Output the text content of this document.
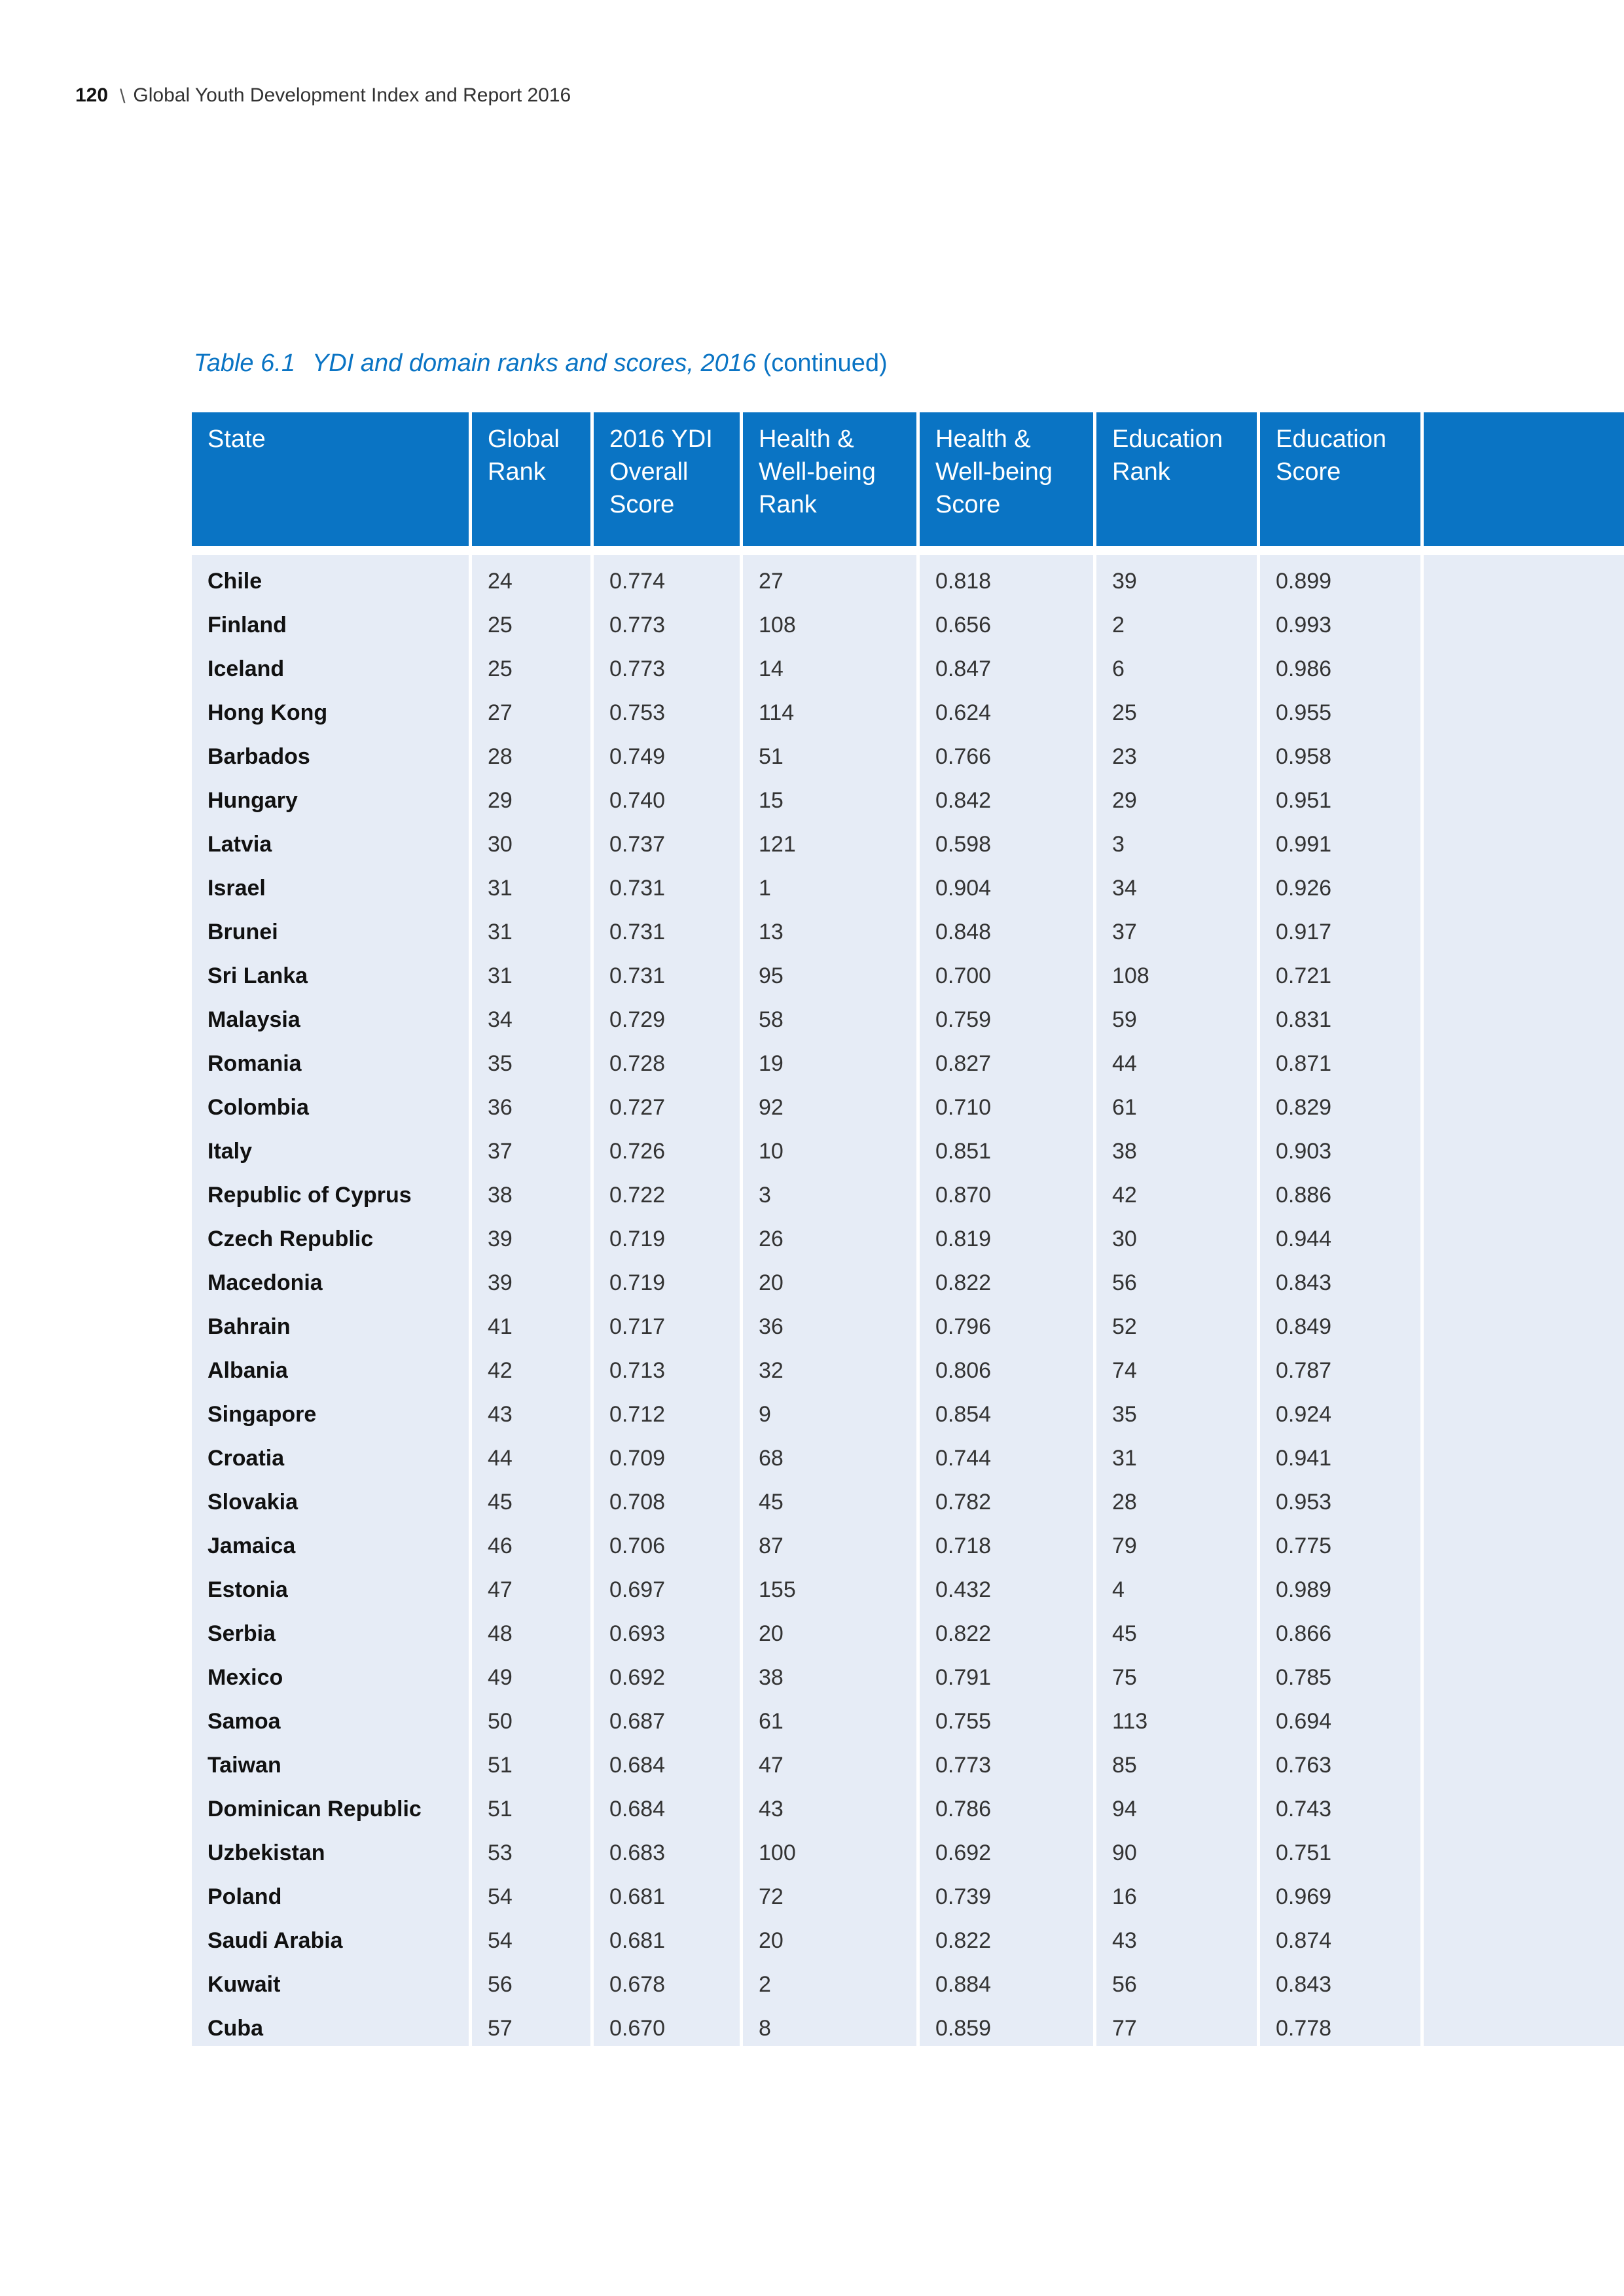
120 \ Global Youth Development Index and Report 2016
Table 6.1 YDI and domain ranks and scores, 2016 (continued)
State	Global Rank	2016 YDI Overall Score	Health & Well-being Rank	Health & Well-being Score	Education Rank	Education Score	

Chile	24	0.774	27	0.818	39	0.899	
Finland	25	0.773	108	0.656	2	0.993	
Iceland	25	0.773	14	0.847	6	0.986	
Hong Kong	27	0.753	114	0.624	25	0.955	
Barbados	28	0.749	51	0.766	23	0.958	
Hungary	29	0.740	15	0.842	29	0.951	
Latvia	30	0.737	121	0.598	3	0.991	
Israel	31	0.731	1	0.904	34	0.926	
Brunei	31	0.731	13	0.848	37	0.917	
Sri Lanka	31	0.731	95	0.700	108	0.721	
Malaysia	34	0.729	58	0.759	59	0.831	
Romania	35	0.728	19	0.827	44	0.871	
Colombia	36	0.727	92	0.710	61	0.829	
Italy	37	0.726	10	0.851	38	0.903	
Republic of Cyprus	38	0.722	3	0.870	42	0.886	
Czech Republic	39	0.719	26	0.819	30	0.944	
Macedonia	39	0.719	20	0.822	56	0.843	
Bahrain	41	0.717	36	0.796	52	0.849	
Albania	42	0.713	32	0.806	74	0.787	
Singapore	43	0.712	9	0.854	35	0.924	
Croatia	44	0.709	68	0.744	31	0.941	
Slovakia	45	0.708	45	0.782	28	0.953	
Jamaica	46	0.706	87	0.718	79	0.775	
Estonia	47	0.697	155	0.432	4	0.989	
Serbia	48	0.693	20	0.822	45	0.866	
Mexico	49	0.692	38	0.791	75	0.785	
Samoa	50	0.687	61	0.755	113	0.694	
Taiwan	51	0.684	47	0.773	85	0.763	
Dominican Republic	51	0.684	43	0.786	94	0.743	
Uzbekistan	53	0.683	100	0.692	90	0.751	
Poland	54	0.681	72	0.739	16	0.969	
Saudi Arabia	54	0.681	20	0.822	43	0.874	
Kuwait	56	0.678	2	0.884	56	0.843	
Cuba	57	0.670	8	0.859	77	0.778	
